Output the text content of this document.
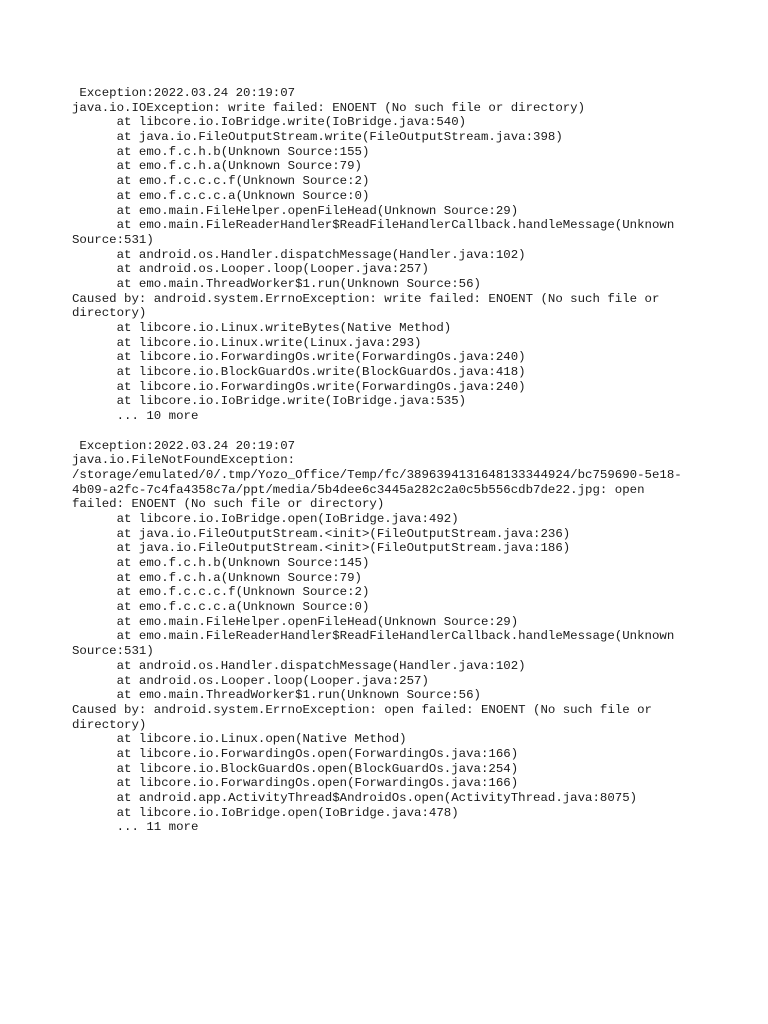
Exception:2022.03.24 20:19:07
java.io.IOException: write failed: ENOENT (No such file or directory)
at libcore.io.IoBridge.write(IoBridge.java:540)
at java.io.FileOutputStream.write(FileOutputStream.java:398)
at emo.f.c.h.b(Unknown Source:155)
at emo.f.c.h.a(Unknown Source:79)
at emo.f.c.c.c.f(Unknown Source:2)
at emo.f.c.c.c.a(Unknown Source:0)
at emo.main.FileHelper.openFileHead(Unknown Source:29)
at emo.main.FileReaderHandler$ReadFileHandlerCallback.handleMessage(Unknown
Source:531)
at android.os.Handler.dispatchMessage(Handler.java:102)
at android.os.Looper.loop(Looper.java:257)
at emo.main.ThreadWorker$1.run(Unknown Source:56)
Caused by: android.system.ErrnoException: write failed: ENOENT (No such file or
directory)
at libcore.io.Linux.writeBytes(Native Method)
at libcore.io.Linux.write(Linux.java:293)
at libcore.io.ForwardingOs.write(ForwardingOs.java:240)
at libcore.io.BlockGuardOs.write(BlockGuardOs.java:418)
at libcore.io.ForwardingOs.write(ForwardingOs.java:240)
at libcore.io.IoBridge.write(IoBridge.java:535)
... 10 more
Exception:2022.03.24 20:19:07
java.io.FileNotFoundException:
/storage/emulated/0/.tmp/Yozo_Office/Temp/fc/3896394131648133344924/bc759690-5e18-
4b09-a2fc-7c4fa4358c7a/ppt/media/5b4dee6c3445a282c2a0c5b556cdb7de22.jpg: open
failed: ENOENT (No such file or directory)
at libcore.io.IoBridge.open(IoBridge.java:492)
at java.io.FileOutputStream.<init>(FileOutputStream.java:236)
at java.io.FileOutputStream.<init>(FileOutputStream.java:186)
at emo.f.c.h.b(Unknown Source:145)
at emo.f.c.h.a(Unknown Source:79)
at emo.f.c.c.c.f(Unknown Source:2)
at emo.f.c.c.c.a(Unknown Source:0)
at emo.main.FileHelper.openFileHead(Unknown Source:29)
at emo.main.FileReaderHandler$ReadFileHandlerCallback.handleMessage(Unknown
Source:531)
at android.os.Handler.dispatchMessage(Handler.java:102)
at android.os.Looper.loop(Looper.java:257)
at emo.main.ThreadWorker$1.run(Unknown Source:56)
Caused by: android.system.ErrnoException: open failed: ENOENT (No such file or
directory)
at libcore.io.Linux.open(Native Method)
at libcore.io.ForwardingOs.open(ForwardingOs.java:166)
at libcore.io.BlockGuardOs.open(BlockGuardOs.java:254)
at libcore.io.ForwardingOs.open(ForwardingOs.java:166)
at android.app.ActivityThread$AndroidOs.open(ActivityThread.java:8075)
at libcore.io.IoBridge.open(IoBridge.java:478)
... 11 more
